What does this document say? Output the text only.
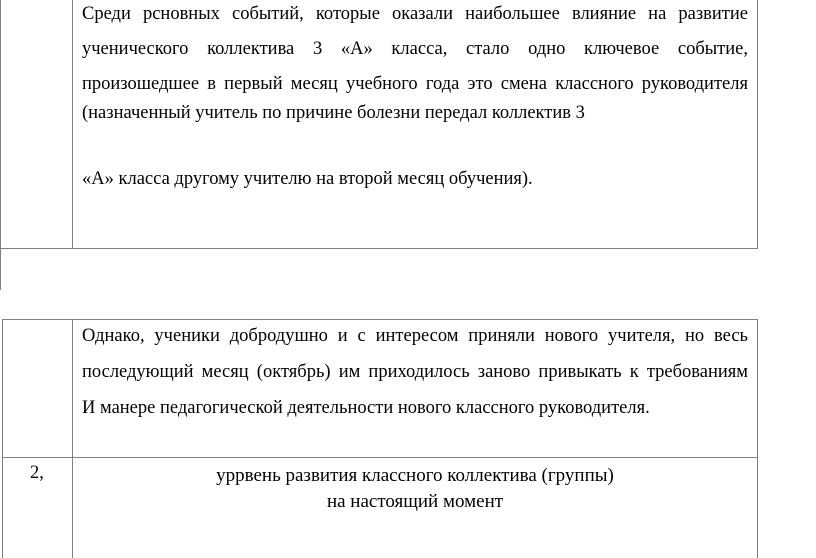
Среди рсновных событий, которые оказали наибольшее влияние на развитие
ученического коллектива 3 «А» класса, стало одно ключевое событие,
произошедшее в первый месяц учебного года это смена классного руководителя
(назначенный учитель по причине болезни передал коллектив 3
«А» класса другому учителю на второй месяц обучения).
Однако, ученики добродушно и с интересом приняли нового учителя, но весь
последующий месяц (октябрь) им приходилось заново привыкать к требованиям
И манере педагогической деятельности нового классного руководителя.
2,	уррвень развития классного коллектива (группы)
на настоящий момент
